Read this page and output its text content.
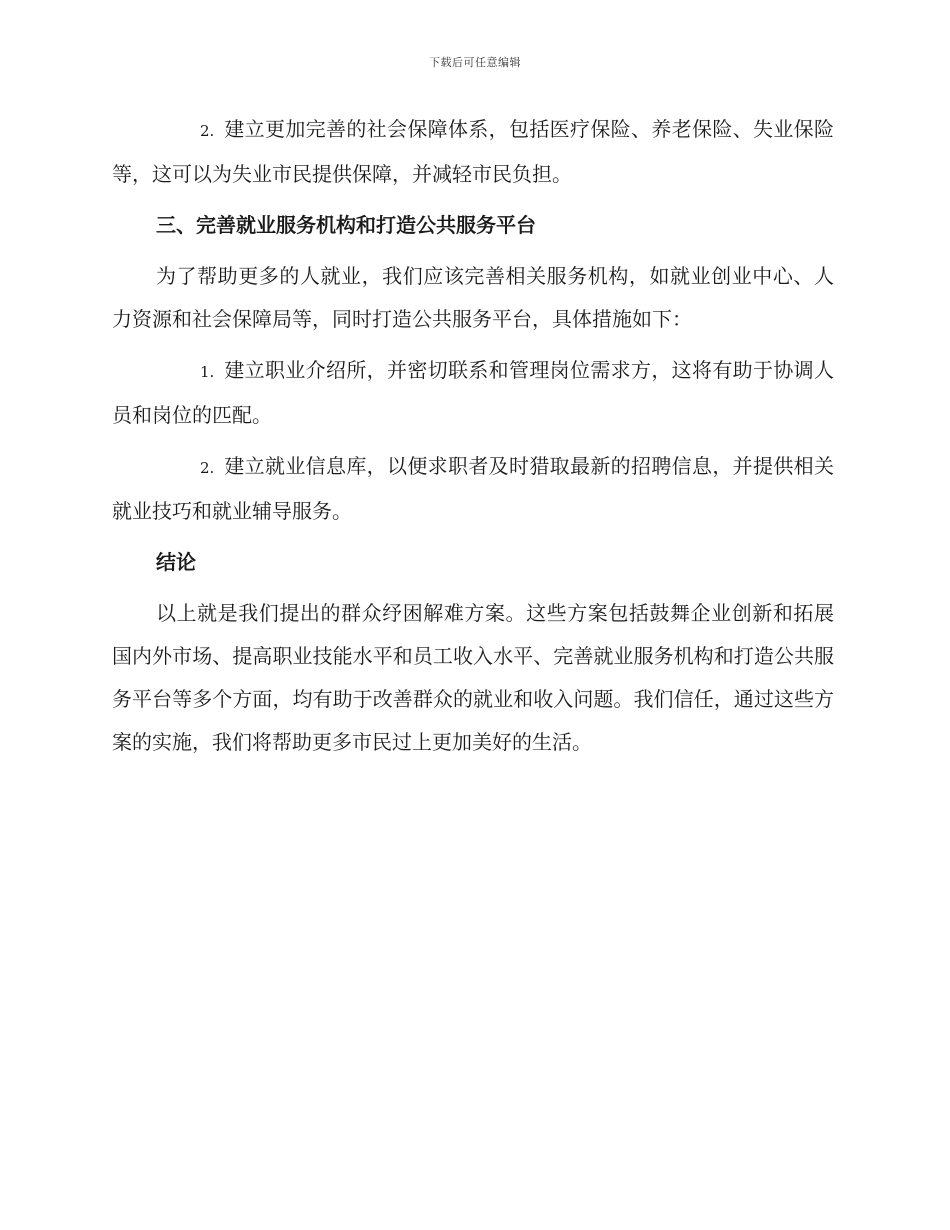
下载后可任意编辑

2. 建立更加完善的社会保障体系，包括医疗保险、养老保险、失业保险等，这可以为失业市民提供保障，并减轻市民负担。

三、完善就业服务机构和打造公共服务平台

为了帮助更多的人就业，我们应该完善相关服务机构，如就业创业中心、人力资源和社会保障局等，同时打造公共服务平台，具体措施如下：

1. 建立职业介绍所，并密切联系和管理岗位需求方，这将有助于协调人员和岗位的匹配。

2. 建立就业信息库，以便求职者及时猎取最新的招聘信息，并提供相关就业技巧和就业辅导服务。

结论

以上就是我们提出的群众纾困解难方案。这些方案包括鼓舞企业创新和拓展国内外市场、提高职业技能水平和员工收入水平、完善就业服务机构和打造公共服务平台等多个方面，均有助于改善群众的就业和收入问题。我们信任，通过这些方案的实施，我们将帮助更多市民过上更加美好的生活。
